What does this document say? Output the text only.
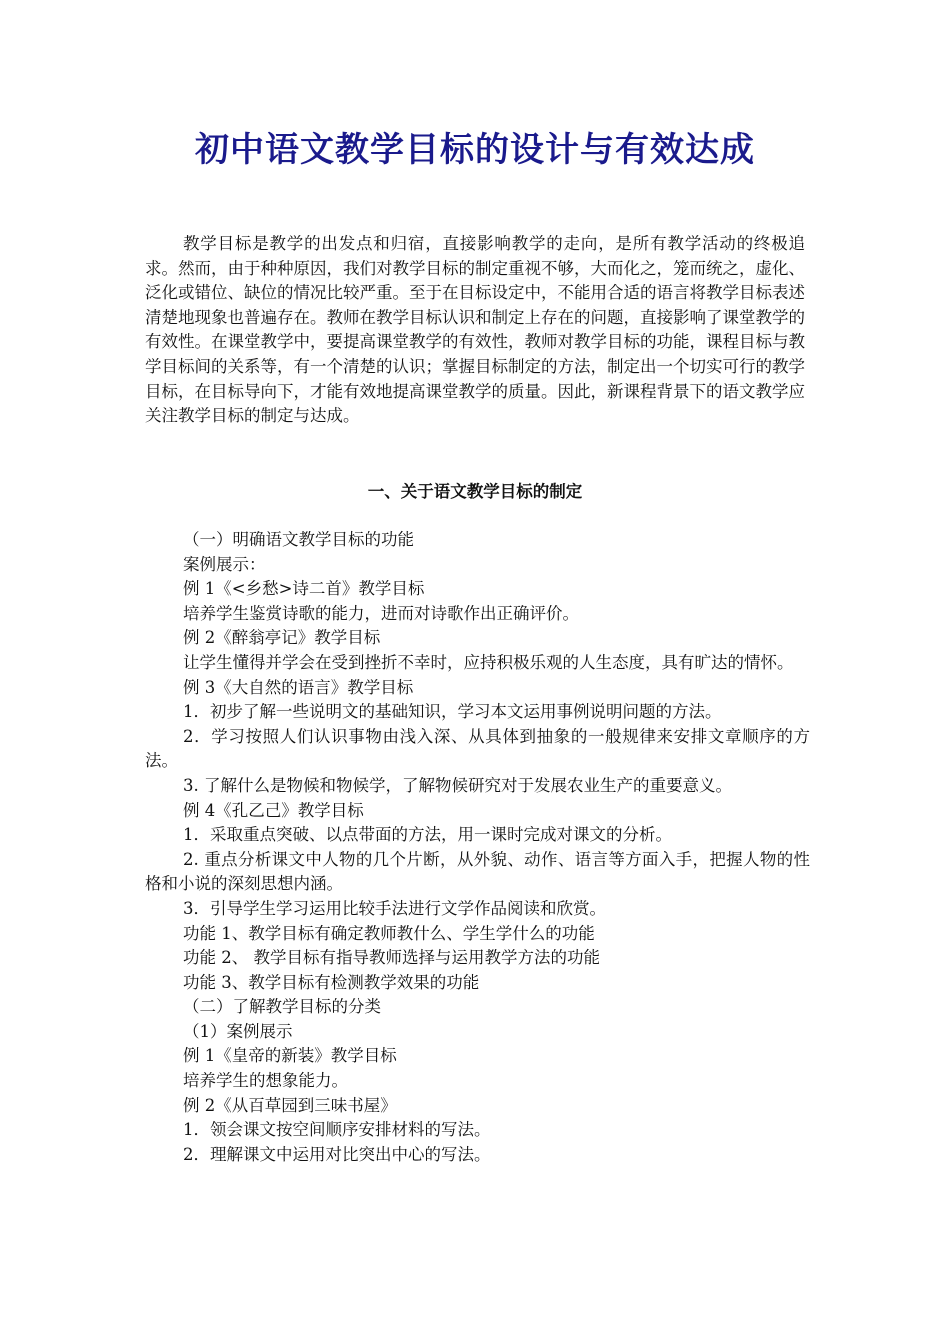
初中语文教学目标的设计与有效达成

教学目标是教学的出发点和归宿，直接影响教学的走向，是所有教学活动的终极追求。然而，由于种种原因，我们对教学目标的制定重视不够，大而化之，笼而统之，虚化、泛化或错位、缺位的情况比较严重。至于在目标设定中，不能用合适的语言将教学目标表述清楚地现象也普遍存在。教师在教学目标认识和制定上存在的问题，直接影响了课堂教学的有效性。在课堂教学中，要提高课堂教学的有效性，教师对教学目标的功能，课程目标与教学目标间的关系等，有一个清楚的认识；掌握目标制定的方法，制定出一个切实可行的教学目标，在目标导向下，才能有效地提高课堂教学的质量。因此，新课程背景下的语文教学应关注教学目标的制定与达成。

一、关于语文教学目标的制定

（一）明确语文教学目标的功能

案例展示：

例 1《<乡愁>诗二首》教学目标

培养学生鉴赏诗歌的能力，进而对诗歌作出正确评价。

例 2《醉翁亭记》教学目标

让学生懂得并学会在受到挫折不幸时，应持积极乐观的人生态度，具有旷达的情怀。

例 3《大自然的语言》教学目标

1．初步了解一些说明文的基础知识，学习本文运用事例说明问题的方法。

2．学习按照人们认识事物由浅入深、从具体到抽象的一般规律来安排文章顺序的方法。

3. 了解什么是物候和物候学，了解物候研究对于发展农业生产的重要意义。

例 4《孔乙己》教学目标

1．采取重点突破、以点带面的方法，用一课时完成对课文的分析。

2. 重点分析课文中人物的几个片断，从外貌、动作、语言等方面入手，把握人物的性格和小说的深刻思想内涵。

3．引导学生学习运用比较手法进行文学作品阅读和欣赏。

功能 1、教学目标有确定教师教什么、学生学什么的功能

功能 2、 教学目标有指导教师选择与运用教学方法的功能

功能 3、教学目标有检测教学效果的功能

（二）了解教学目标的分类

（1）案例展示

例 1《皇帝的新装》教学目标

培养学生的想象能力。

例 2《从百草园到三味书屋》

1．领会课文按空间顺序安排材料的写法。

2．理解课文中运用对比突出中心的写法。
